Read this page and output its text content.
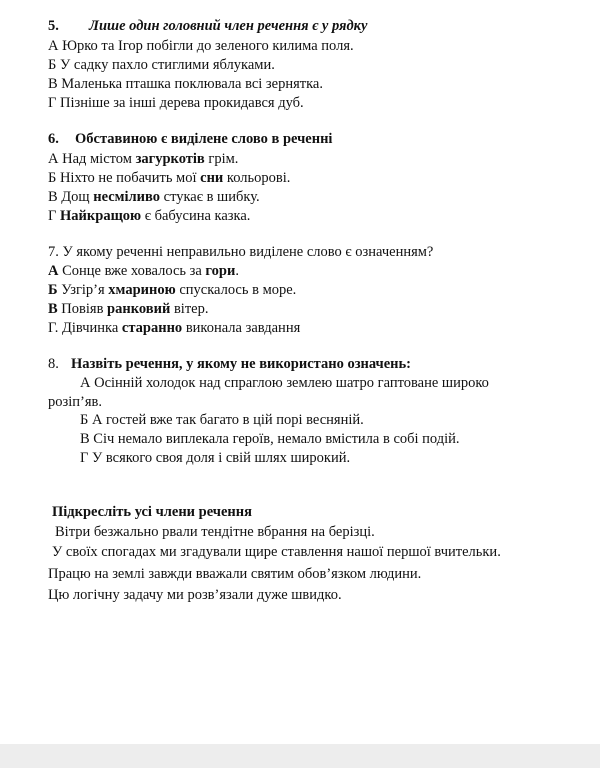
5. Лише один головний член речення є у рядку
А Юрко та Ігор побігли до зеленого килима поля.
Б У садку пахло стиглими яблуками.
В Маленька пташка поклювала всі зернятка.
Г Пізніше за інші дерева прокидався дуб.
6. Обставиною є виділене слово в реченні
А Над містом загуркотів грім.
Б Ніхто не побачить мої сни кольорові.
В Дощ несміливо стукає в шибку.
Г Найкращою є бабусина казка.
7. У якому реченні неправильно виділене слово є означенням?
А Сонце вже ховалось за гори.
Б Узгір’я хмариною спускалось в море.
В Повіяв ранковий вітер.
Г. Дівчинка старанно виконала завдання
8. Назвіть речення, у якому не використано означень:
А Осінній холодок над спраглою землею шатро гаптоване широко
розіп’яв.
Б А гостей вже так багато в цій порі весняній.
В Січ немало виплекала героїв, немало вмістила в собі подій.
Г У всякого своя доля і свій шлях широкий.
Підкресліть усі члени речення
Вітри безжально рвали тендітне вбрання на берізці.
У своїх спогадах ми згадували щире ставлення нашої першої вчительки.
Працю на землі завжди вважали святим обов’язком людини.
Цю логічну задачу ми розв’язали дуже швидко.
